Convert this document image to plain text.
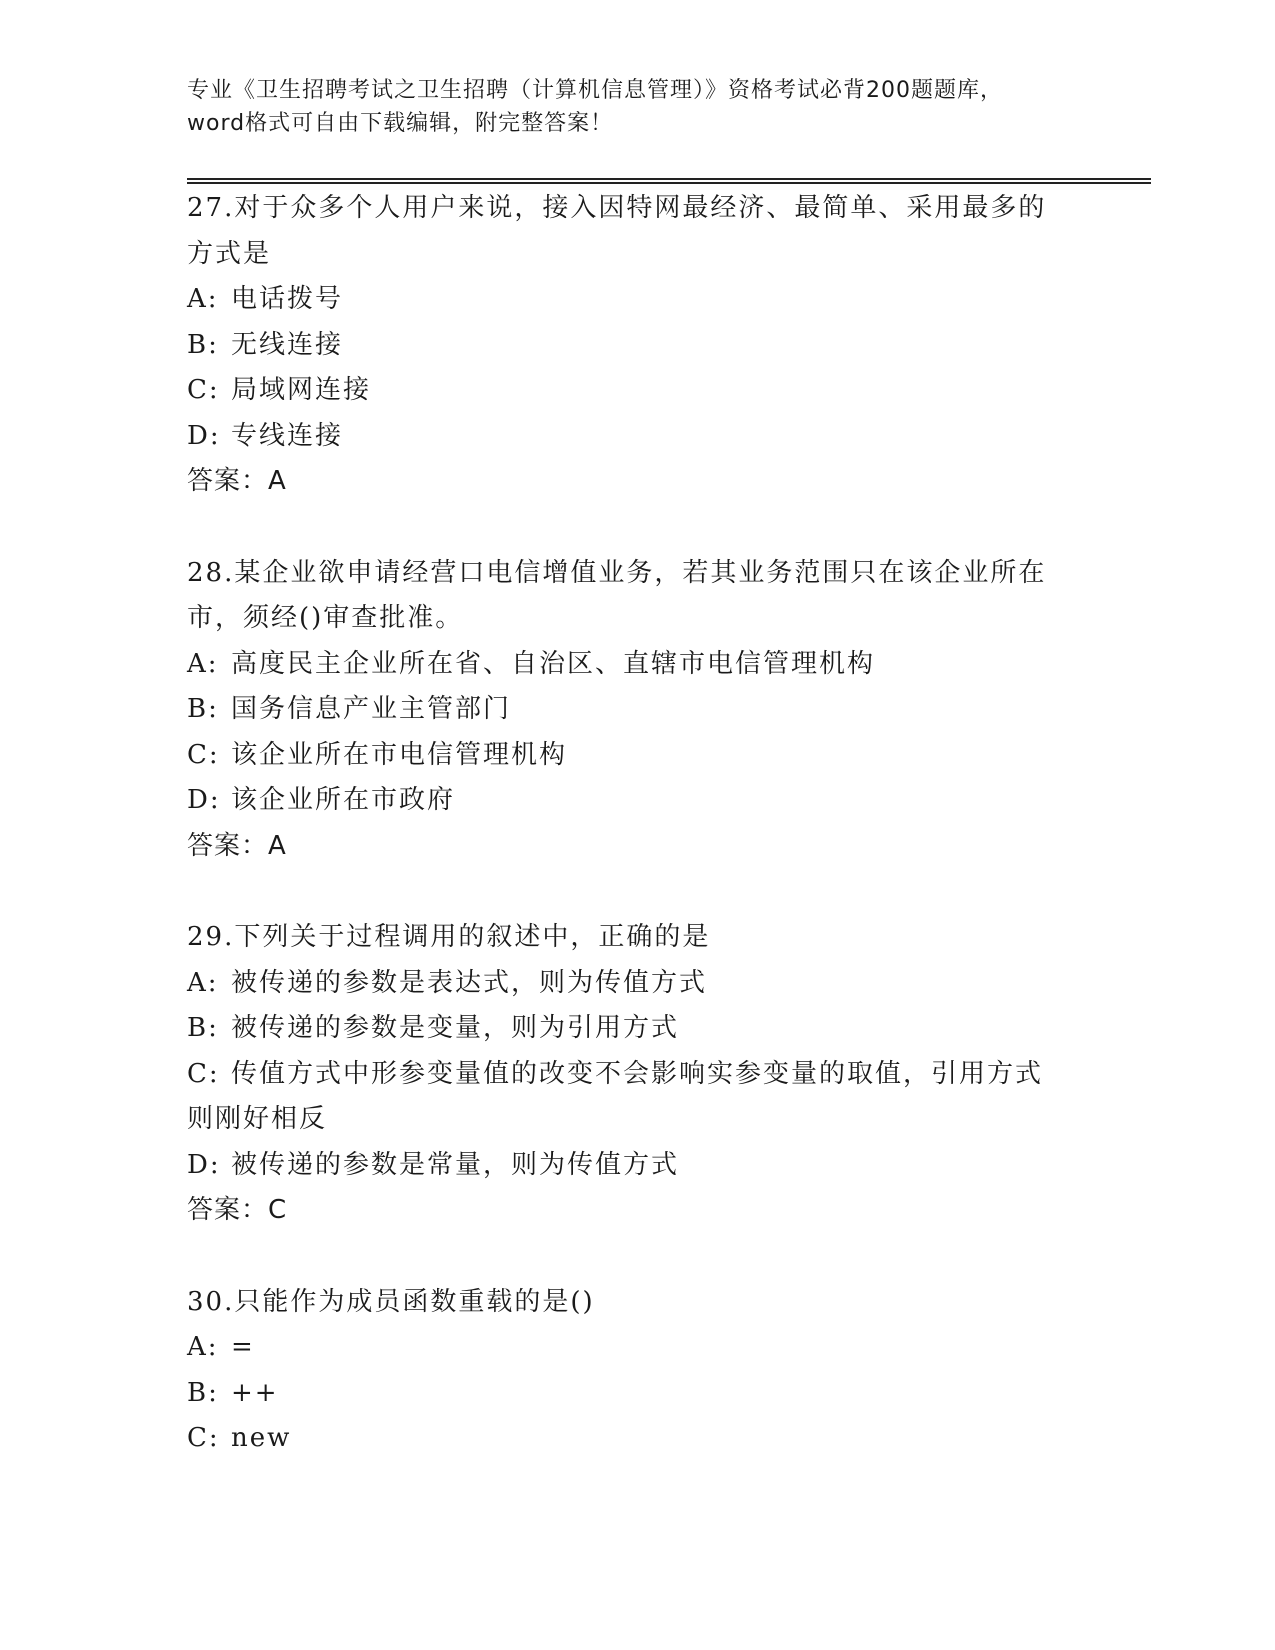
专业《卫生招聘考试之卫生招聘（计算机信息管理）》资格考试必背200题题库，
word格式可自由下载编辑，附完整答案！
27.对于众多个人用户来说，接入因特网最经济、最简单、采用最多的
方式是
A: 电话拨号
B: 无线连接
C: 局域网连接
D: 专线连接
答案：A
28.某企业欲申请经营口电信增值业务，若其业务范围只在该企业所在
市，须经()审查批准。
A: 高度民主企业所在省、自治区、直辖市电信管理机构
B: 国务信息产业主管部门
C: 该企业所在市电信管理机构
D: 该企业所在市政府
答案：A
29.下列关于过程调用的叙述中，正确的是
A: 被传递的参数是表达式，则为传值方式
B: 被传递的参数是变量，则为引用方式
C: 传值方式中形参变量值的改变不会影响实参变量的取值，引用方式
则刚好相反
D: 被传递的参数是常量，则为传值方式
答案：C
30.只能作为成员函数重载的是()
A: =
B: ++
C: new
